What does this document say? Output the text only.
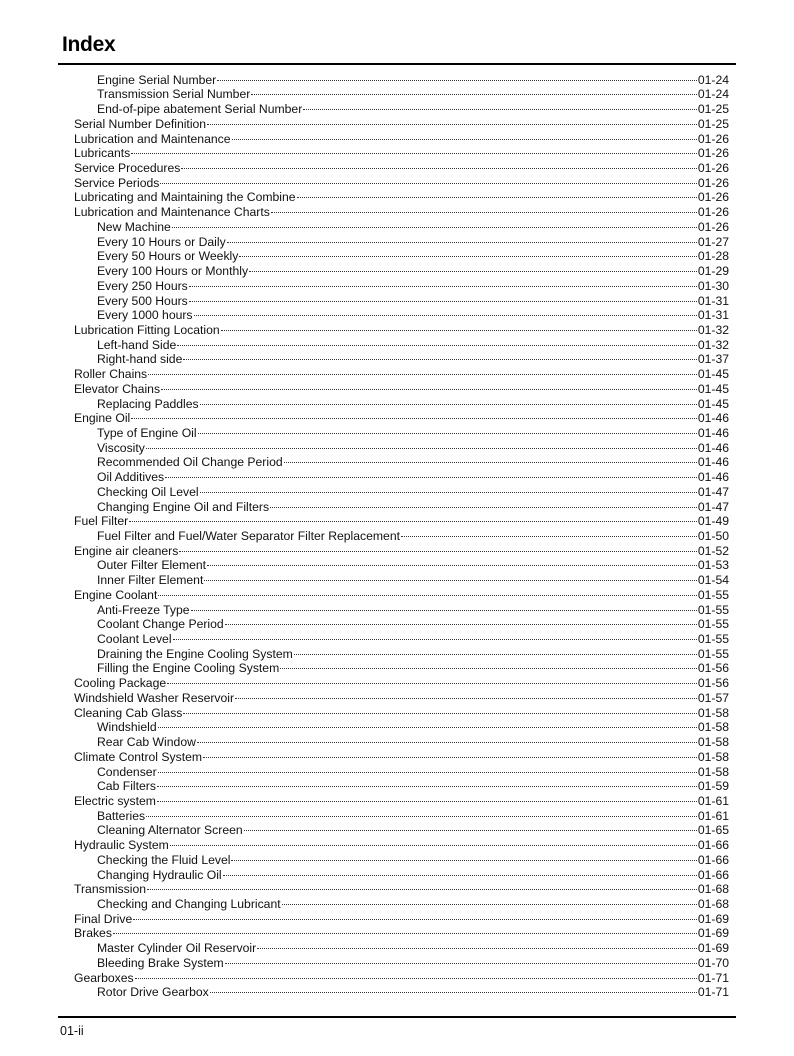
Index
Engine Serial Number	01-24
Transmission Serial Number	01-24
End-of-pipe abatement Serial Number	01-25
Serial Number Definition	01-25
Lubrication and Maintenance	01-26
Lubricants	01-26
Service Procedures	01-26
Service Periods	01-26
Lubricating and Maintaining the Combine	01-26
Lubrication and Maintenance Charts	01-26
New Machine	01-26
Every 10 Hours or Daily	01-27
Every 50 Hours or Weekly	01-28
Every 100 Hours or Monthly	01-29
Every 250 Hours	01-30
Every 500 Hours	01-31
Every 1000 hours	01-31
Lubrication Fitting Location	01-32
Left-hand Side	01-32
Right-hand side	01-37
Roller Chains	01-45
Elevator Chains	01-45
Replacing Paddles	01-45
Engine Oil	01-46
Type of Engine Oil	01-46
Viscosity	01-46
Recommended Oil Change Period	01-46
Oil Additives	01-46
Checking Oil Level	01-47
Changing Engine Oil and Filters	01-47
Fuel Filter	01-49
Fuel Filter and Fuel/Water Separator Filter Replacement	01-50
Engine air cleaners	01-52
Outer Filter Element	01-53
Inner Filter Element	01-54
Engine Coolant	01-55
Anti-Freeze Type	01-55
Coolant Change Period	01-55
Coolant Level	01-55
Draining the Engine Cooling System	01-55
Filling the Engine Cooling System	01-56
Cooling Package	01-56
Windshield Washer Reservoir	01-57
Cleaning Cab Glass	01-58
Windshield	01-58
Rear Cab Window	01-58
Climate Control System	01-58
Condenser	01-58
Cab Filters	01-59
Electric system	01-61
Batteries	01-61
Cleaning Alternator Screen	01-65
Hydraulic System	01-66
Checking the Fluid Level	01-66
Changing Hydraulic Oil	01-66
Transmission	01-68
Checking and Changing Lubricant	01-68
Final Drive	01-69
Brakes	01-69
Master Cylinder Oil Reservoir	01-69
Bleeding Brake System	01-70
Gearboxes	01-71
Rotor Drive Gearbox	01-71
01-ii
